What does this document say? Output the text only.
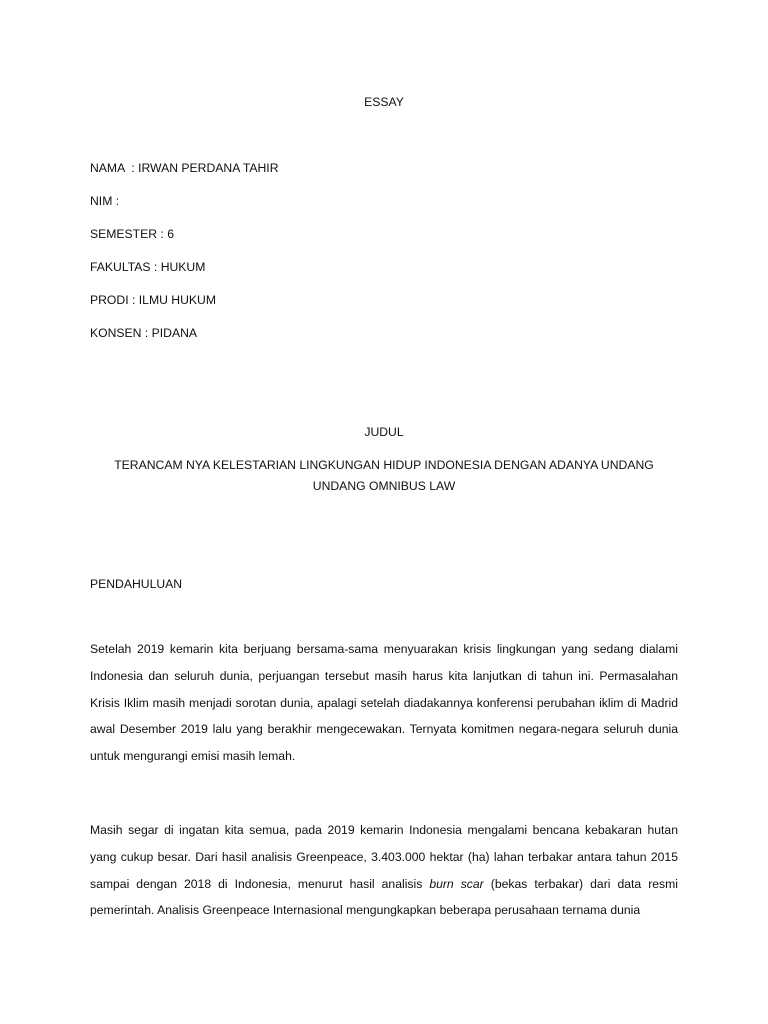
ESSAY

NAMA  : IRWAN PERDANA TAHIR

NIM :

SEMESTER : 6

FAKULTAS : HUKUM

PRODI : ILMU HUKUM

KONSEN : PIDANA

JUDUL

TERANCAM NYA KELESTARIAN LINGKUNGAN HIDUP INDONESIA DENGAN ADANYA UNDANG UNDANG OMNIBUS LAW

PENDAHULUAN

Setelah 2019 kemarin kita berjuang bersama-sama menyuarakan krisis lingkungan yang sedang dialami Indonesia dan seluruh dunia, perjuangan tersebut masih harus kita lanjutkan di tahun ini. Permasalahan Krisis Iklim masih menjadi sorotan dunia, apalagi setelah diadakannya konferensi perubahan iklim di Madrid awal Desember 2019 lalu yang berakhir mengecewakan. Ternyata komitmen negara-negara seluruh dunia untuk mengurangi emisi masih lemah.

Masih segar di ingatan kita semua, pada 2019 kemarin Indonesia mengalami bencana kebakaran hutan yang cukup besar. Dari hasil analisis Greenpeace, 3.403.000 hektar (ha) lahan terbakar antara tahun 2015 sampai dengan 2018 di Indonesia, menurut hasil analisis burn scar (bekas terbakar) dari data resmi pemerintah. Analisis Greenpeace Internasional mengungkapkan beberapa perusahaan ternama dunia
